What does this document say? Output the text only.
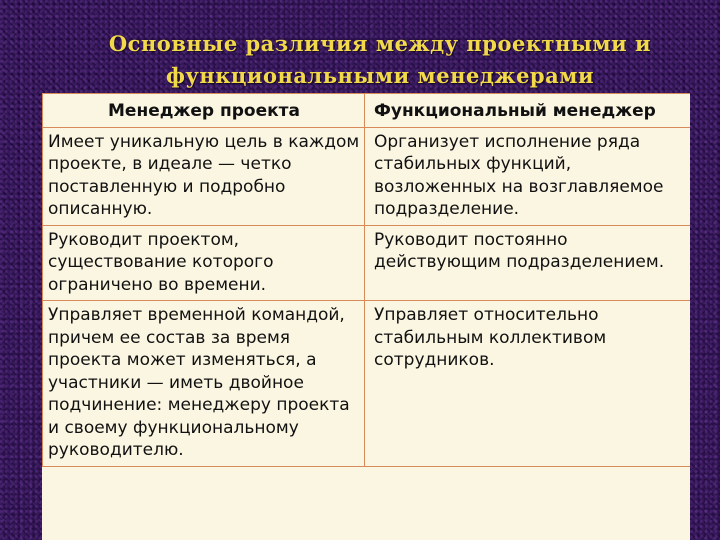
Основные различия между проектными и
функциональными менеджерами
Менеджер проекта	Функциональный менеджер
Имеет уникальную цель в каждом проекте, в идеале — четко поставленную и подробно описанную.	Организует исполнение ряда стабильных функций, возложенных на возглавляемое подразделение.
Руководит проектом, существование которого ограничено во времени.	Руководит постоянно действующим подразделением.
Управляет временной командой, причем ее состав за время проекта может изменяться, а участники — иметь двойное подчинение: менеджеру проекта и своему функциональному руководителю.	Управляет относительно стабильным коллективом сотрудников.
